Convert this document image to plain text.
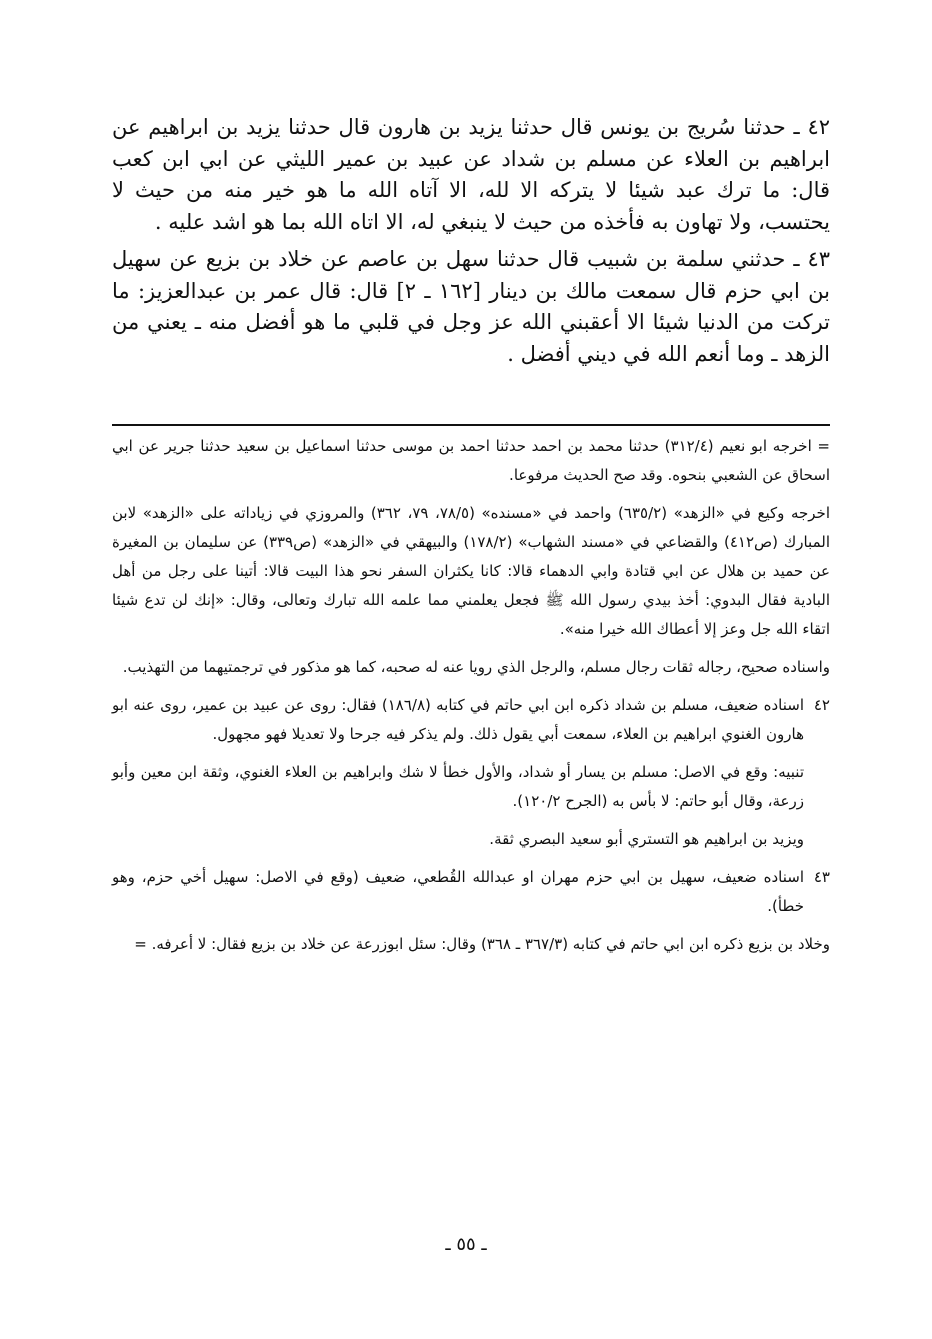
٤٢ ـ حدثنا سُريج بن يونس قال حدثنا يزيد بن هارون قال حدثنا يزيد بن ابراهيم عن ابراهيم بن العلاء عن مسلم بن شداد عن عبيد بن عمير الليثي عن ابي ابن كعب قال: ما ترك عبد شيئا لا يتركه الا لله، الا آتاه الله ما هو خير منه من حيث لا يحتسب، ولا تهاون به فأخذه من حيث لا ينبغي له، الا اتاه الله بما هو اشد عليه .

٤٣ ـ حدثني سلمة بن شبيب قال حدثنا سهل بن عاصم عن خلاد بن بزيع عن سهيل بن ابي حزم قال سمعت مالك بن دينار [١٦٢ ـ ٢] قال: قال عمر بن عبدالعزيز: ما تركت من الدنيا شيئا الا أعقبني الله عز وجل في قلبي ما هو أفضل منه ـ يعني من الزهد ـ وما أنعم الله في ديني أفضل .

= اخرجه ابو نعيم (٣١٢/٤) حدثنا محمد بن احمد حدثنا احمد بن موسى حدثنا اسماعيل بن سعيد حدثنا جرير عن ابي اسحاق عن الشعبي بنحوه. وقد صح الحديث مرفوعا.

اخرجه وكيع في «الزهد» (٦٣٥/٢) واحمد في «مسنده» (٧٨/٥، ٧٩، ٣٦٢) والمروزي في زياداته على «الزهد» لابن المبارك (ص٤١٢) والقضاعي في «مسند الشهاب» (١٧٨/٢) والبيهقي في «الزهد» (ص٣٣٩) عن سليمان بن المغيرة عن حميد بن هلال عن ابي قتادة وابي الدهماء قالا: كانا يكثران السفر نحو هذا البيت قالا: أتينا على رجل من أهل البادية فقال البدوي: أخذ بيدي رسول الله ﷺ فجعل يعلمني مما علمه الله تبارك وتعالى، وقال: «إنك لن تدع شيئا اتقاء الله جل وعز إلا أعطاك الله خيرا منه».

واسناده صحيح، رجاله ثقات رجال مسلم، والرجل الذي رويا عنه له صحبه، كما هو مذكور في ترجمتيهما من التهذيب.

٤٢
اسناده ضعيف، مسلم بن شداد ذكره ابن ابي حاتم في كتابه (١٨٦/٨) فقال: روى عن عبيد بن عمير، روى عنه ابو هارون الغنوي ابراهيم بن العلاء، سمعت أبي يقول ذلك. ولم يذكر فيه جرحا ولا تعديلا فهو مجهول.

تنبيه: وقع في الاصل: مسلم بن يسار أو شداد، والأول خطأ لا شك وابراهيم بن العلاء الغنوي، وثقة ابن معين وأبو زرعة، وقال أبو حاتم: لا بأس به (الجرح ١٢٠/٢).

ويزيد بن ابراهيم هو التستري أبو سعيد البصري ثقة.

٤٣
اسناده ضعيف، سهيل بن ابي حزم مهران او عبدالله القُطعي، ضعيف (وقع في الاصل: سهيل أخي حزم، وهو خطأ).

وخلاد بن بزيع ذكره ابن ابي حاتم في كتابه (٣٦٧/٣ ـ ٣٦٨) وقال: سئل ابوزرعة عن خلاد بن بزيع فقال: لا أعرفه. =

ـ ٥٥ ـ
